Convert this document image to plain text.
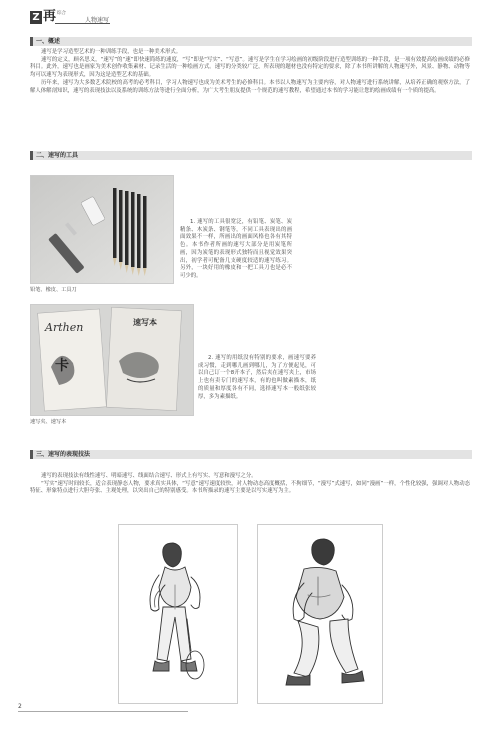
Z 再 综合
人物速写
一、概述

速写是学习造型艺术的一种训练手段，也是一种美术形式。

速写的定义，顾名思义，“速写”的“速”即快速简练的速度，“写”即是“写实”、“写意”。速写是学生在学习绘画的初级阶段进行造型训练的一种手段，是一项有效提高绘画成绩的必修科目。此外，速写也是画家为美术创作收集素材、记录生活的一种绘画方式。速写的分类较广泛，所表现的题材也没有特定的要求，除了本书所讲解的人物速写外，风景、静物、动物等均可以速写为表现形式，因为这是造型艺术的基础。

历年来，速写为大多数艺术院校的高考的必考科目，学习人物速写也成为美术考生的必修科目。本书以人物速写为主要内容，对人物速写进行系统讲解，从培养正确的观察方法，了解人体解剖知识，速写的表现技法以及系统的训练方法等进行全面分析，为广大考生朋友提供一个规范的速写教程，希望通过本书的学习能让您的绘画成绩有一个质的提高。

二、速写的工具
铅笔、橡皮、工具刀

1. 速写的工具很宽泛，有铅笔、炭笔、炭精条、木炭条、钢笔等，不同工具表现出的画面效果不一样，所画出的画面风格也各有其特色。本书作者所画的速写大部分是用炭笔所画，因为炭笔的表现形式独特而且视觉效果突出，初学者可配备几支硬度较适的速写练习。另外，一块好用的橡皮和一把工具刀也是必不可少的。

Arthen
卡
速写本
速写夹、速写本

2. 速写的用纸没有特别的要求，画速写要养成习惯，走到哪儿画到哪儿，为了方便起见，可以自己订一个8开本子，然后夹在速写夹上，市场上也有卖专门的速写本，有的也叫做素描本，纸的质量和厚度各有不同，选择速写本一般纸张较厚，多为素描纸。

三、速写的表现技法

速写的表现技法有线性速写、明暗速写、线面结合速写、形式上有写实、写意和漫写之分。

“写实”速写时间较长，适合表现静态人物，要求真实具体，“写意”速写速度较快，对人物动态高度概括，不拘细节，“漫写”式速写，如同“漫画”一样，个性化较强，强调对人物动态特征、形象特点进行大胆夸张、主观处理，以突出自己的特别感受。本书所描录的速写主要是以写实速写为主。

2
